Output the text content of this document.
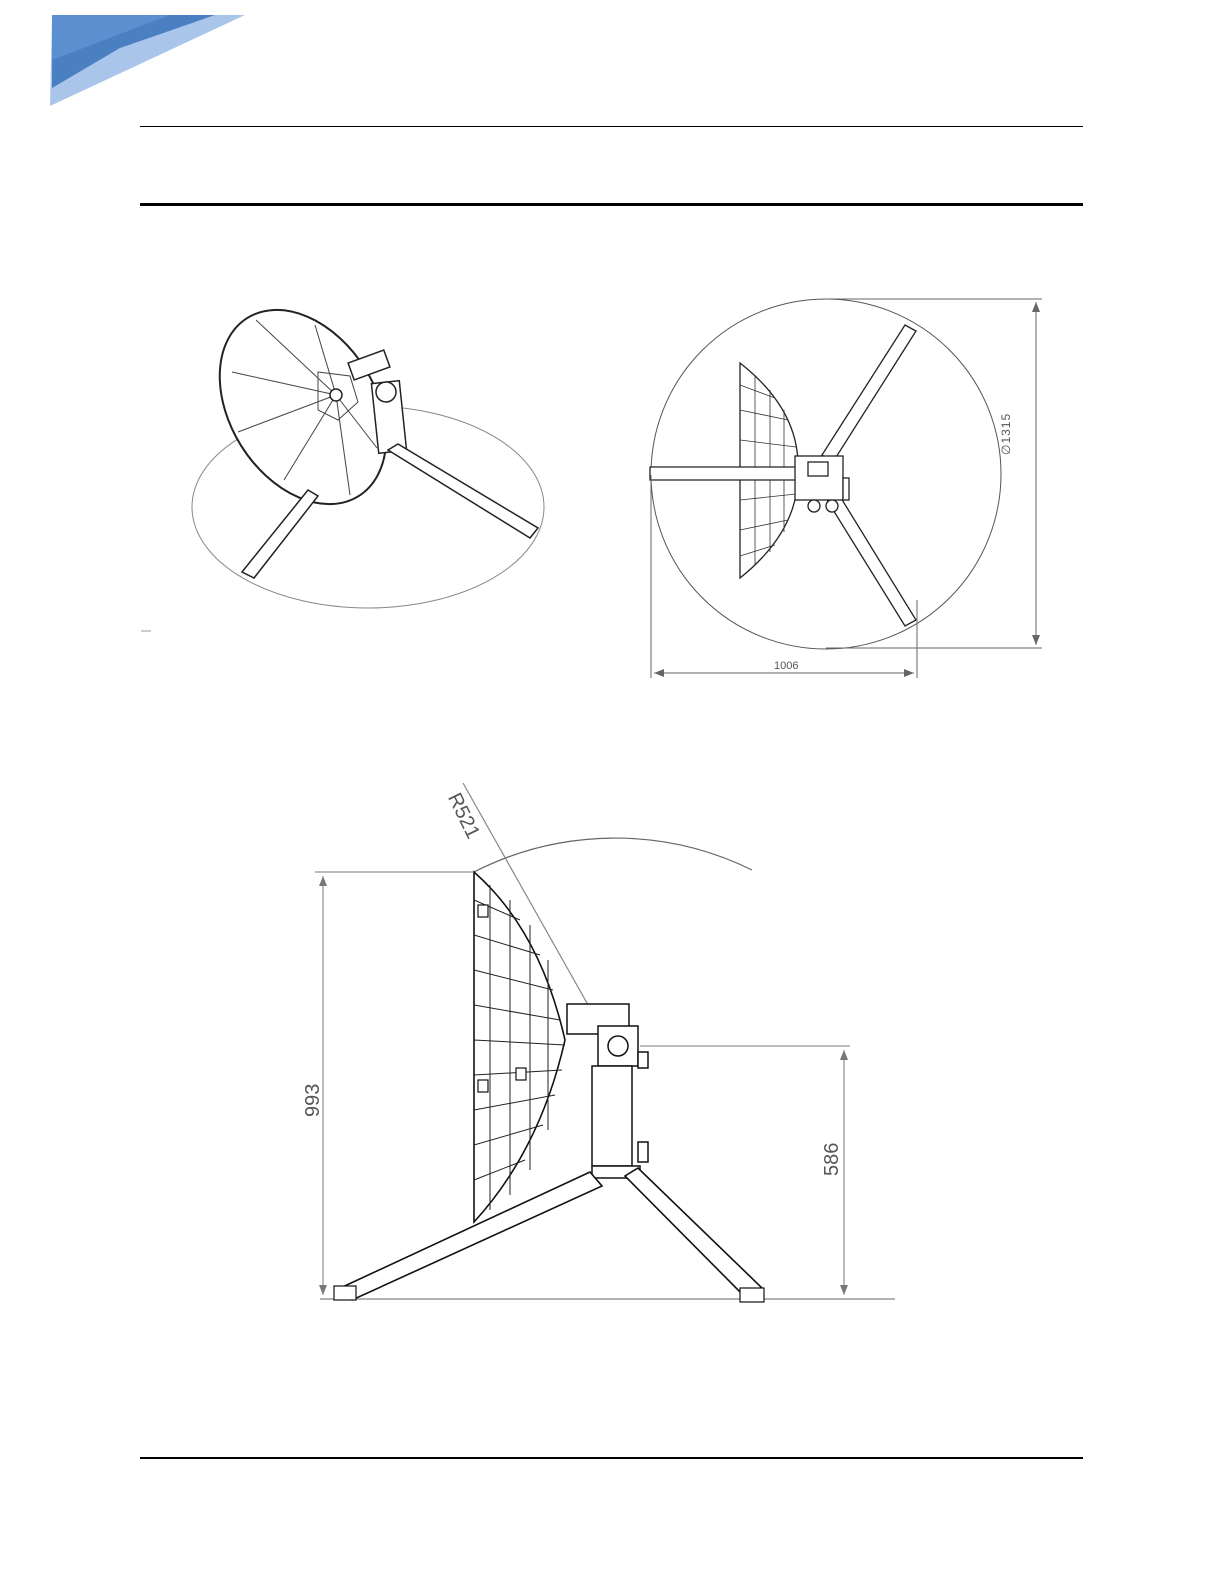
∅1315
1006
R521
993
586
